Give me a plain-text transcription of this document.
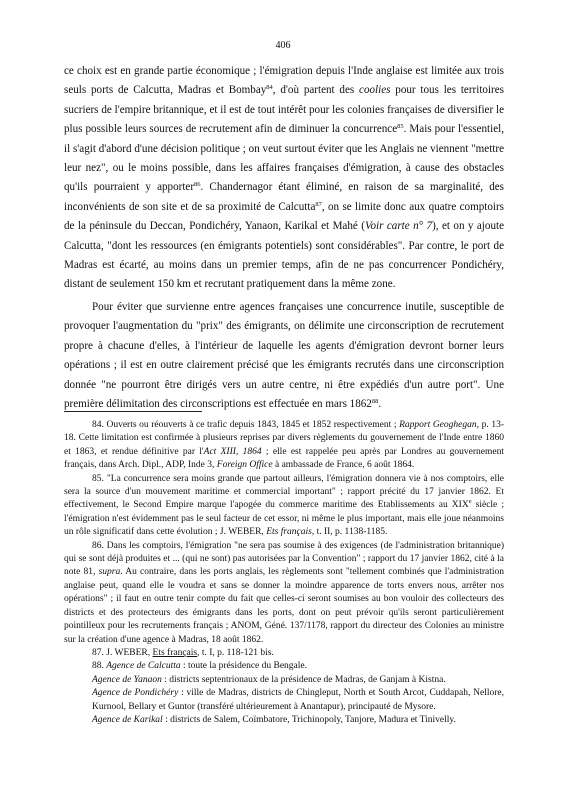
406

ce choix est en grande partie économique ; l'émigration depuis l'Inde anglaise est limitée aux trois seuls ports de Calcutta, Madras et Bombay$^{84}$, d'où partent des coolies pour tous les territoires sucriers de l'empire britannique, et il est de tout intérêt pour les colonies françaises de diversifier le plus possible leurs sources de recrutement afin de diminuer la concurrence$^{85}$. Mais pour l'essentiel, il s'agit d'abord d'une décision politique ; on veut surtout éviter que les Anglais ne viennent "mettre leur nez", ou le moins possible, dans les affaires françaises d'émigration, à cause des obstacles qu'ils pourraient y apporter$^{86}$. Chandernagor étant éliminé, en raison de sa marginalité, des inconvénients de son site et de sa proximité de Calcutta$^{87}$, on se limite donc aux quatre comptoirs de la péninsule du Deccan, Pondichéry, Yanaon, Karikal et Mahé (Voir carte n° 7), et on y ajoute Calcutta, "dont les ressources (en émigrants potentiels) sont considérables". Par contre, le port de Madras est écarté, au moins dans un premier temps, afin de ne pas concurrencer Pondichéry, distant de seulement 150 km et recrutant pratiquement dans la même zone.

Pour éviter que survienne entre agences françaises une concurrence inutile, susceptible de provoquer l'augmentation du "prix" des émigrants, on délimite une circonscription de recrutement propre à chacune d'elles, à l'intérieur de laquelle les agents d'émigration devront borner leurs opérations ; il est en outre clairement précisé que les émigrants recrutés dans une circonscription donnée "ne pourront être dirigés vers un autre centre, ni être expédiés d'un autre port". Une première délimitation des circonscriptions est effectuée en mars 1862$^{88}$.

84. Ouverts ou réouverts à ce trafic depuis 1843, 1845 et 1852 respectivement ; Rapport Geoghegan, p. 13-18. Cette limitation est confirmée à plusieurs reprises par divers règlements du gouvernement de l'Inde entre 1860 et 1863, et rendue définitive par l'Act XIII, 1864 ; elle est rappelée peu après par Londres au gouvernement français, dans Arch. Dipl., ADP, Inde 3, Foreign Office à ambassade de France, 6 août 1864.

85. "La concurrence sera moins grande que partout ailleurs, l'émigration donnera vie à nos comptoirs, elle sera la source d'un mouvement maritime et commercial important" ; rapport précité du 17 janvier 1862. Et effectivement, le Second Empire marque l'apogée du commerce maritime des Etablissements au XIXe siècle ; l'émigration n'est évidemment pas le seul facteur de cet essor, ni même le plus important, mais elle joue néanmoins un rôle significatif dans cette évolution ; J. WEBER, Ets français, t. II, p. 1138-1185.

86. Dans les comptoirs, l'émigration "ne sera pas soumise à des exigences (de l'administration britannique) qui se sont déjà produites et ... (qui ne sont) pas autorisées par la Convention" ; rapport du 17 janvier 1862, cité à la note 81, supra. Au contraire, dans les ports anglais, les règlements sont "tellement combinés que l'administration anglaise peut, quand elle le voudra et sans se donner la moindre apparence de torts envers nous, arrêter nos opérations" ; il faut en outre tenir compte du fait que celles-ci seront soumises au bon vouloir des collecteurs des districts et des protecteurs des émigrants dans les ports, dont on peut prévoir qu'ils seront particulièrement pointilleux pour les recrutements français ; ANOM, Géné. 137/1178, rapport du directeur des Colonies au ministre sur la création d'une agence à Madras, 18 août 1862.

87. J. WEBER, Ets français, t. I, p. 118-121 bis.

88. Agence de Calcutta : toute la présidence du Bengale.

Agence de Yanaon : districts septentrionaux de la présidence de Madras, de Ganjam à Kistna.

Agence de Pondichéry : ville de Madras, districts de Chingleput, North et South Arcot, Cuddapah, Nellore, Kurnool, Bellary et Guntor (transféré ultérieurement à Anantapur), principauté de Mysore.

Agence de Karikal : districts de Salem, Coïmbatore, Trichinopoly, Tanjore, Madura et Tinivelly.
